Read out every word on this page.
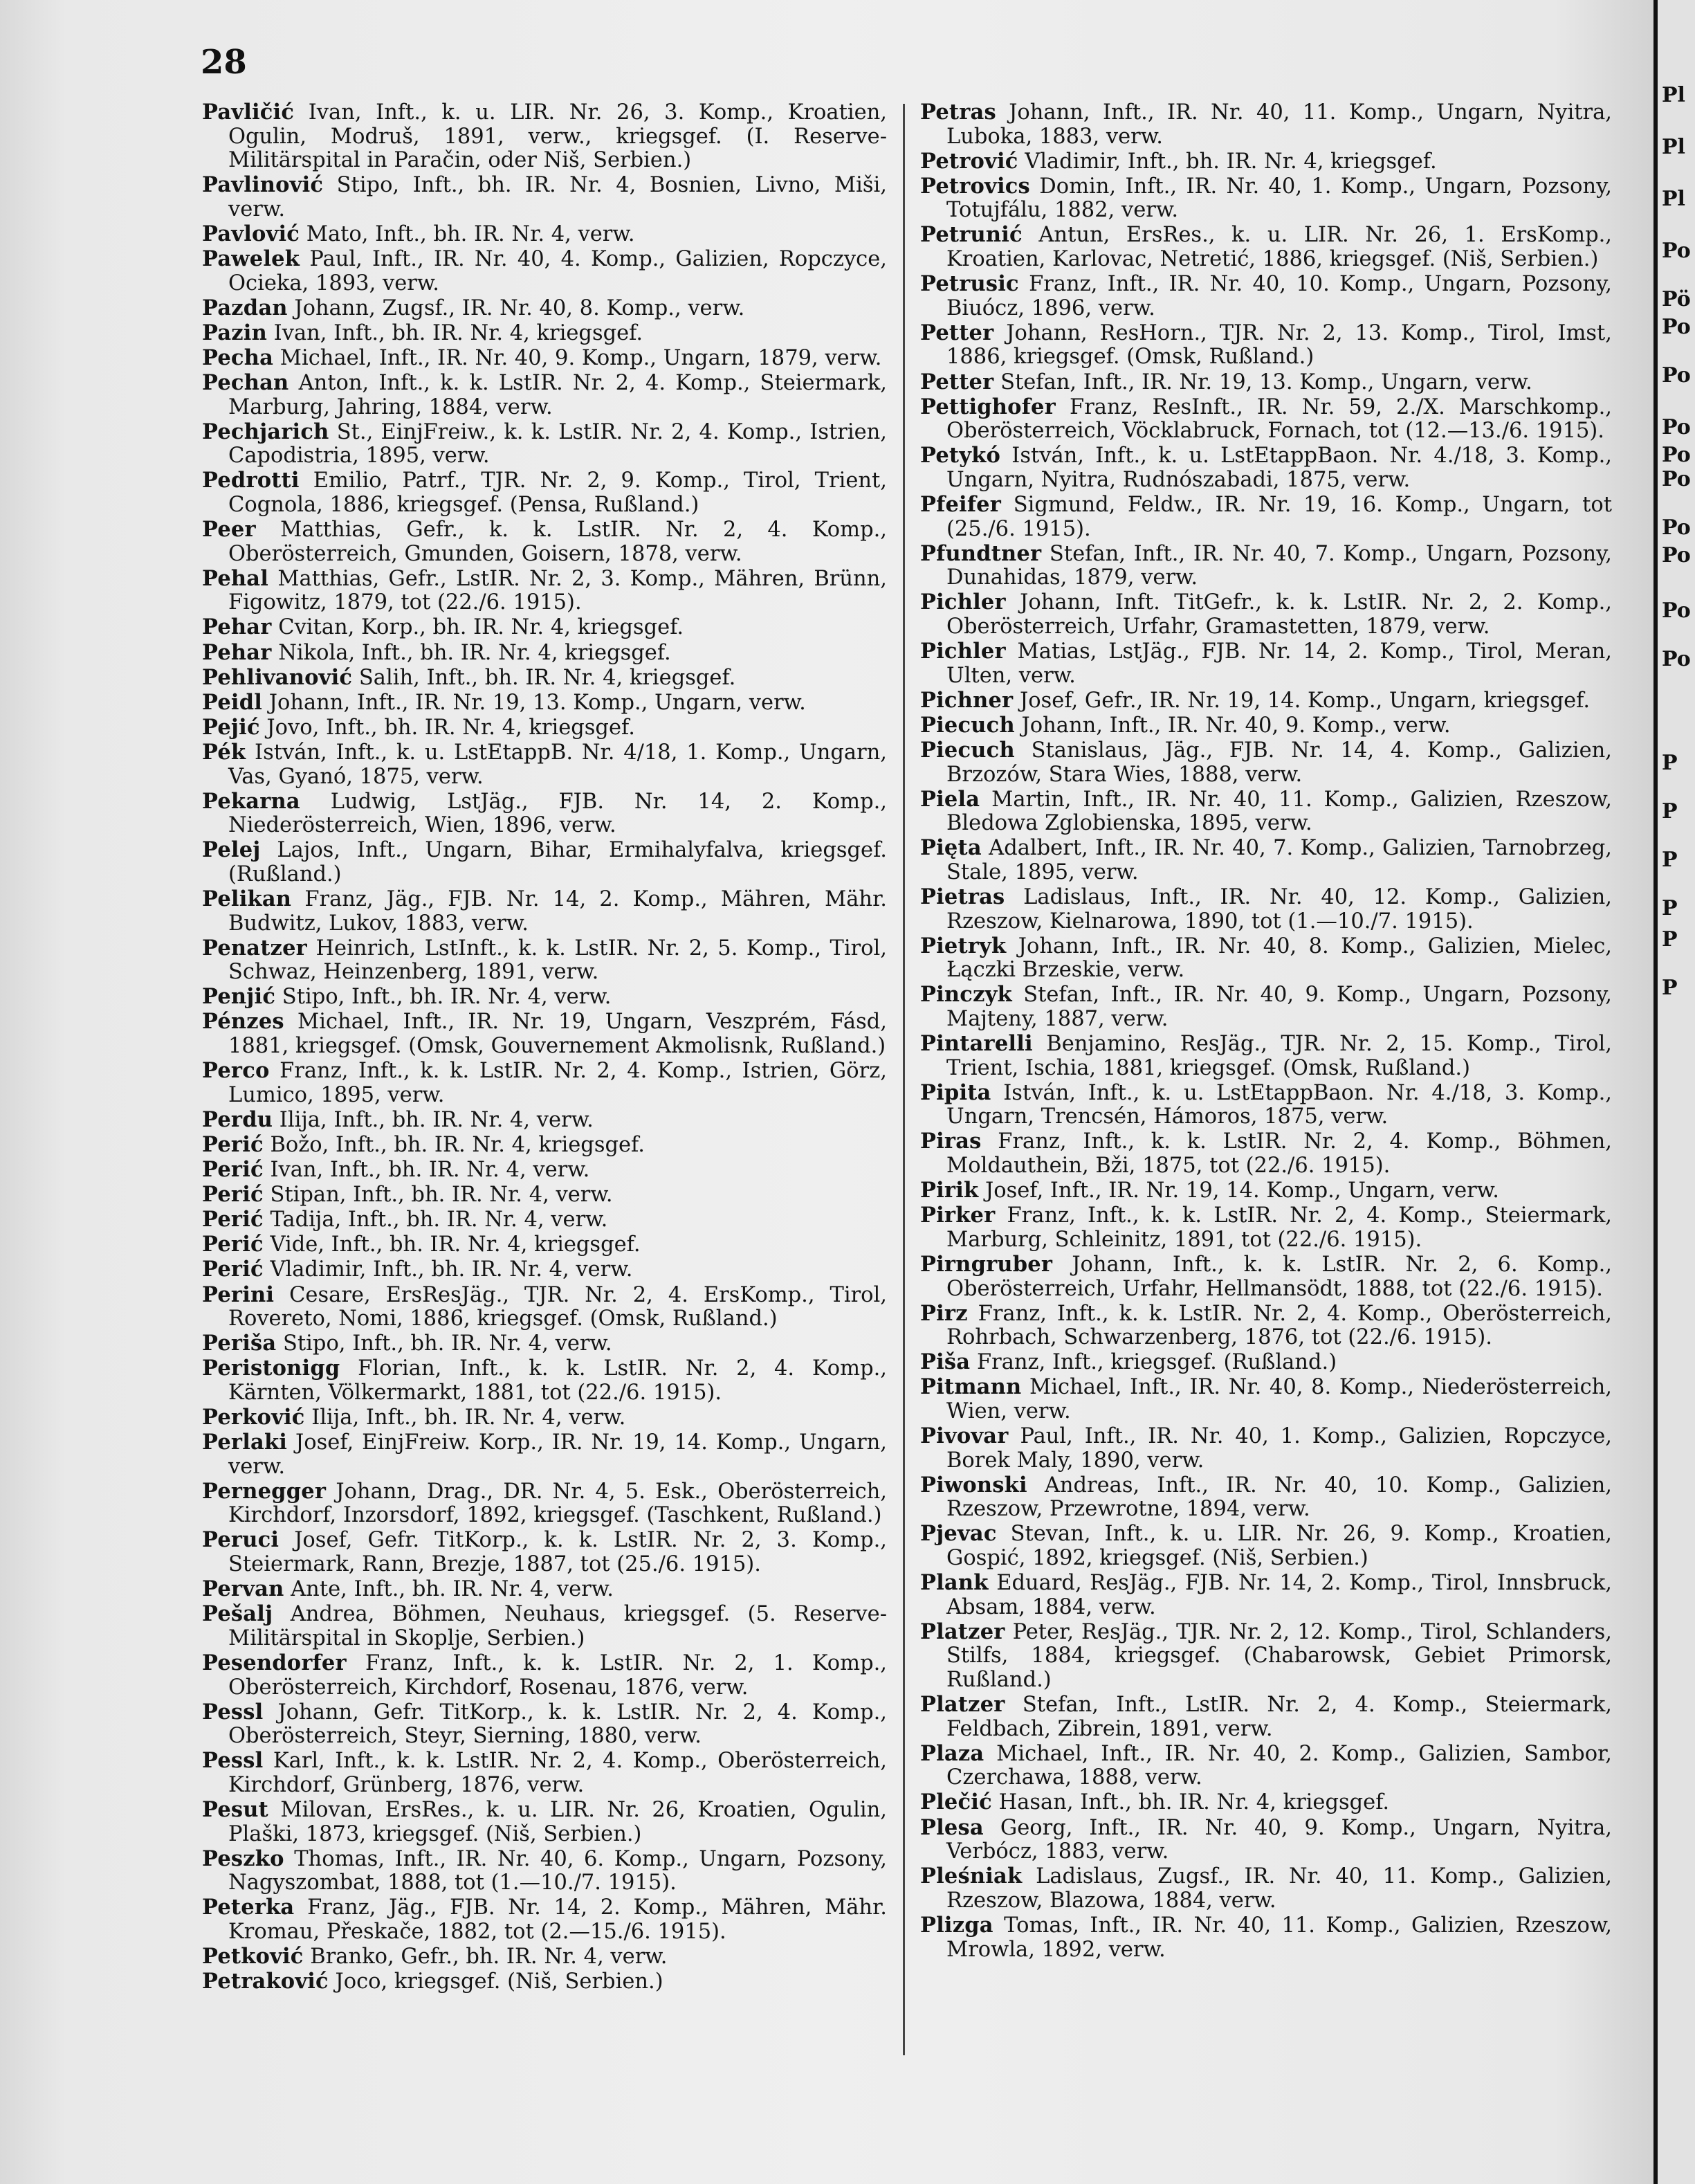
28

Pavličić Ivan, Inft., k. u. LIR. Nr. 26, 3. Komp., Kroatien, Ogulin, Modruš, 1891, verw., kriegsgef. (I. Reserve-Militärspital in Paračin, oder Niš, Serbien.)

Pavlinović Stipo, Inft., bh. IR. Nr. 4, Bosnien, Livno, Miši, verw.

Pavlović Mato, Inft., bh. IR. Nr. 4, verw.

Pawelek Paul, Inft., IR. Nr. 40, 4. Komp., Galizien, Ropczyce, Ocieka, 1893, verw.

Pazdan Johann, Zugsf., IR. Nr. 40, 8. Komp., verw.

Pazin Ivan, Inft., bh. IR. Nr. 4, kriegsgef.

Pecha Michael, Inft., IR. Nr. 40, 9. Komp., Ungarn, 1879, verw.

Pechan Anton, Inft., k. k. LstIR. Nr. 2, 4. Komp., Steiermark, Marburg, Jahring, 1884, verw.

Pechjarich St., EinjFreiw., k. k. LstIR. Nr. 2, 4. Komp., Istrien, Capodistria, 1895, verw.

Pedrotti Emilio, Patrf., TJR. Nr. 2, 9. Komp., Tirol, Trient, Cognola, 1886, kriegsgef. (Pensa, Rußland.)

Peer Matthias, Gefr., k. k. LstIR. Nr. 2, 4. Komp., Oberösterreich, Gmunden, Goisern, 1878, verw.

Pehal Matthias, Gefr., LstIR. Nr. 2, 3. Komp., Mähren, Brünn, Figowitz, 1879, tot (22./6. 1915).

Pehar Cvitan, Korp., bh. IR. Nr. 4, kriegsgef.

Pehar Nikola, Inft., bh. IR. Nr. 4, kriegsgef.

Pehlivanović Salih, Inft., bh. IR. Nr. 4, kriegsgef.

Peidl Johann, Inft., IR. Nr. 19, 13. Komp., Ungarn, verw.

Pejić Jovo, Inft., bh. IR. Nr. 4, kriegsgef.

Pék István, Inft., k. u. LstEtappB. Nr. 4/18, 1. Komp., Ungarn, Vas, Gyanó, 1875, verw.

Pekarna Ludwig, LstJäg., FJB. Nr. 14, 2. Komp., Niederösterreich, Wien, 1896, verw.

Pelej Lajos, Inft., Ungarn, Bihar, Ermihalyfalva, kriegsgef. (Rußland.)

Pelikan Franz, Jäg., FJB. Nr. 14, 2. Komp., Mähren, Mähr. Budwitz, Lukov, 1883, verw.

Penatzer Heinrich, LstInft., k. k. LstIR. Nr. 2, 5. Komp., Tirol, Schwaz, Heinzenberg, 1891, verw.

Penjić Stipo, Inft., bh. IR. Nr. 4, verw.

Pénzes Michael, Inft., IR. Nr. 19, Ungarn, Veszprém, Fásd, 1881, kriegsgef. (Omsk, Gouvernement Akmolisnk, Rußland.)

Perco Franz, Inft., k. k. LstIR. Nr. 2, 4. Komp., Istrien, Görz, Lumico, 1895, verw.

Perdu Ilija, Inft., bh. IR. Nr. 4, verw.

Perić Božo, Inft., bh. IR. Nr. 4, kriegsgef.

Perić Ivan, Inft., bh. IR. Nr. 4, verw.

Perić Stipan, Inft., bh. IR. Nr. 4, verw.

Perić Tadija, Inft., bh. IR. Nr. 4, verw.

Perić Vide, Inft., bh. IR. Nr. 4, kriegsgef.

Perić Vladimir, Inft., bh. IR. Nr. 4, verw.

Perini Cesare, ErsResJäg., TJR. Nr. 2, 4. ErsKomp., Tirol, Rovereto, Nomi, 1886, kriegsgef. (Omsk, Rußland.)

Periša Stipo, Inft., bh. IR. Nr. 4, verw.

Peristonigg Florian, Inft., k. k. LstIR. Nr. 2, 4. Komp., Kärnten, Völkermarkt, 1881, tot (22./6. 1915).

Perković Ilija, Inft., bh. IR. Nr. 4, verw.

Perlaki Josef, EinjFreiw. Korp., IR. Nr. 19, 14. Komp., Ungarn, verw.

Pernegger Johann, Drag., DR. Nr. 4, 5. Esk., Oberösterreich, Kirchdorf, Inzorsdorf, 1892, kriegsgef. (Taschkent, Rußland.)

Peruci Josef, Gefr. TitKorp., k. k. LstIR. Nr. 2, 3. Komp., Steiermark, Rann, Brezje, 1887, tot (25./6. 1915).

Pervan Ante, Inft., bh. IR. Nr. 4, verw.

Pešalj Andrea, Böhmen, Neuhaus, kriegsgef. (5. Reserve-Militärspital in Skoplje, Serbien.)

Pesendorfer Franz, Inft., k. k. LstIR. Nr. 2, 1. Komp., Oberösterreich, Kirchdorf, Rosenau, 1876, verw.

Pessl Johann, Gefr. TitKorp., k. k. LstIR. Nr. 2, 4. Komp., Oberösterreich, Steyr, Sierning, 1880, verw.

Pessl Karl, Inft., k. k. LstIR. Nr. 2, 4. Komp., Oberösterreich, Kirchdorf, Grünberg, 1876, verw.

Pesut Milovan, ErsRes., k. u. LIR. Nr. 26, Kroatien, Ogulin, Plaški, 1873, kriegsgef. (Niš, Serbien.)

Peszko Thomas, Inft., IR. Nr. 40, 6. Komp., Ungarn, Pozsony, Nagyszombat, 1888, tot (1.—10./7. 1915).

Peterka Franz, Jäg., FJB. Nr. 14, 2. Komp., Mähren, Mähr. Kromau, Přeskače, 1882, tot (2.—15./6. 1915).

Petković Branko, Gefr., bh. IR. Nr. 4, verw.

Petraković Joco, kriegsgef. (Niš, Serbien.)

Petras Johann, Inft., IR. Nr. 40, 11. Komp., Ungarn, Nyitra, Luboka, 1883, verw.

Petrović Vladimir, Inft., bh. IR. Nr. 4, kriegsgef.

Petrovics Domin, Inft., IR. Nr. 40, 1. Komp., Ungarn, Pozsony, Totujfálu, 1882, verw.

Petrunić Antun, ErsRes., k. u. LIR. Nr. 26, 1. ErsKomp., Kroatien, Karlovac, Netretić, 1886, kriegsgef. (Niš, Serbien.)

Petrusic Franz, Inft., IR. Nr. 40, 10. Komp., Ungarn, Pozsony, Biuócz, 1896, verw.

Petter Johann, ResHorn., TJR. Nr. 2, 13. Komp., Tirol, Imst, 1886, kriegsgef. (Omsk, Rußland.)

Petter Stefan, Inft., IR. Nr. 19, 13. Komp., Ungarn, verw.

Pettighofer Franz, ResInft., IR. Nr. 59, 2./X. Marschkomp., Oberösterreich, Vöcklabruck, Fornach, tot (12.—13./6. 1915).

Petykó István, Inft., k. u. LstEtappBaon. Nr. 4./18, 3. Komp., Ungarn, Nyitra, Rudnószabadi, 1875, verw.

Pfeifer Sigmund, Feldw., IR. Nr. 19, 16. Komp., Ungarn, tot (25./6. 1915).

Pfundtner Stefan, Inft., IR. Nr. 40, 7. Komp., Ungarn, Pozsony, Dunahidas, 1879, verw.

Pichler Johann, Inft. TitGefr., k. k. LstIR. Nr. 2, 2. Komp., Oberösterreich, Urfahr, Gramastetten, 1879, verw.

Pichler Matias, LstJäg., FJB. Nr. 14, 2. Komp., Tirol, Meran, Ulten, verw.

Pichner Josef, Gefr., IR. Nr. 19, 14. Komp., Ungarn, kriegsgef.

Piecuch Johann, Inft., IR. Nr. 40, 9. Komp., verw.

Piecuch Stanislaus, Jäg., FJB. Nr. 14, 4. Komp., Galizien, Brzozów, Stara Wies, 1888, verw.

Piela Martin, Inft., IR. Nr. 40, 11. Komp., Galizien, Rzeszow, Bledowa Zglobienska, 1895, verw.

Pięta Adalbert, Inft., IR. Nr. 40, 7. Komp., Galizien, Tarnobrzeg, Stale, 1895, verw.

Pietras Ladislaus, Inft., IR. Nr. 40, 12. Komp., Galizien, Rzeszow, Kielnarowa, 1890, tot (1.—10./7. 1915).

Pietryk Johann, Inft., IR. Nr. 40, 8. Komp., Galizien, Mielec, Łączki Brzeskie, verw.

Pinczyk Stefan, Inft., IR. Nr. 40, 9. Komp., Ungarn, Pozsony, Majteny, 1887, verw.

Pintarelli Benjamino, ResJäg., TJR. Nr. 2, 15. Komp., Tirol, Trient, Ischia, 1881, kriegsgef. (Omsk, Rußland.)

Pipita István, Inft., k. u. LstEtappBaon. Nr. 4./18, 3. Komp., Ungarn, Trencsén, Hámoros, 1875, verw.

Piras Franz, Inft., k. k. LstIR. Nr. 2, 4. Komp., Böhmen, Moldauthein, Bži, 1875, tot (22./6. 1915).

Pirik Josef, Inft., IR. Nr. 19, 14. Komp., Ungarn, verw.

Pirker Franz, Inft., k. k. LstIR. Nr. 2, 4. Komp., Steiermark, Marburg, Schleinitz, 1891, tot (22./6. 1915).

Pirngruber Johann, Inft., k. k. LstIR. Nr. 2, 6. Komp., Oberösterreich, Urfahr, Hellmansödt, 1888, tot (22./6. 1915).

Pirz Franz, Inft., k. k. LstIR. Nr. 2, 4. Komp., Oberösterreich, Rohrbach, Schwarzenberg, 1876, tot (22./6. 1915).

Piša Franz, Inft., kriegsgef. (Rußland.)

Pitmann Michael, Inft., IR. Nr. 40, 8. Komp., Niederösterreich, Wien, verw.

Pivovar Paul, Inft., IR. Nr. 40, 1. Komp., Galizien, Ropczyce, Borek Maly, 1890, verw.

Piwonski Andreas, Inft., IR. Nr. 40, 10. Komp., Galizien, Rzeszow, Przewrotne, 1894, verw.

Pjevac Stevan, Inft., k. u. LIR. Nr. 26, 9. Komp., Kroatien, Gospić, 1892, kriegsgef. (Niš, Serbien.)

Plank Eduard, ResJäg., FJB. Nr. 14, 2. Komp., Tirol, Innsbruck, Absam, 1884, verw.

Platzer Peter, ResJäg., TJR. Nr. 2, 12. Komp., Tirol, Schlanders, Stilfs, 1884, kriegsgef. (Chabarowsk, Gebiet Primorsk, Rußland.)

Platzer Stefan, Inft., LstIR. Nr. 2, 4. Komp., Steiermark, Feldbach, Zibrein, 1891, verw.

Plaza Michael, Inft., IR. Nr. 40, 2. Komp., Galizien, Sambor, Czerchawa, 1888, verw.

Plečić Hasan, Inft., bh. IR. Nr. 4, kriegsgef.

Plesa Georg, Inft., IR. Nr. 40, 9. Komp., Ungarn, Nyitra, Verbócz, 1883, verw.

Pleśniak Ladislaus, Zugsf., IR. Nr. 40, 11. Komp., Galizien, Rzeszow, Blazowa, 1884, verw.

Plizga Tomas, Inft., IR. Nr. 40, 11. Komp., Galizien, Rzeszow, Mrowla, 1892, verw.

Pl
Pl
Pl
Po
Pö
Po
Po
Po
Po
Po
Po
Po
Po
Po
P
P
P
P
P
P
